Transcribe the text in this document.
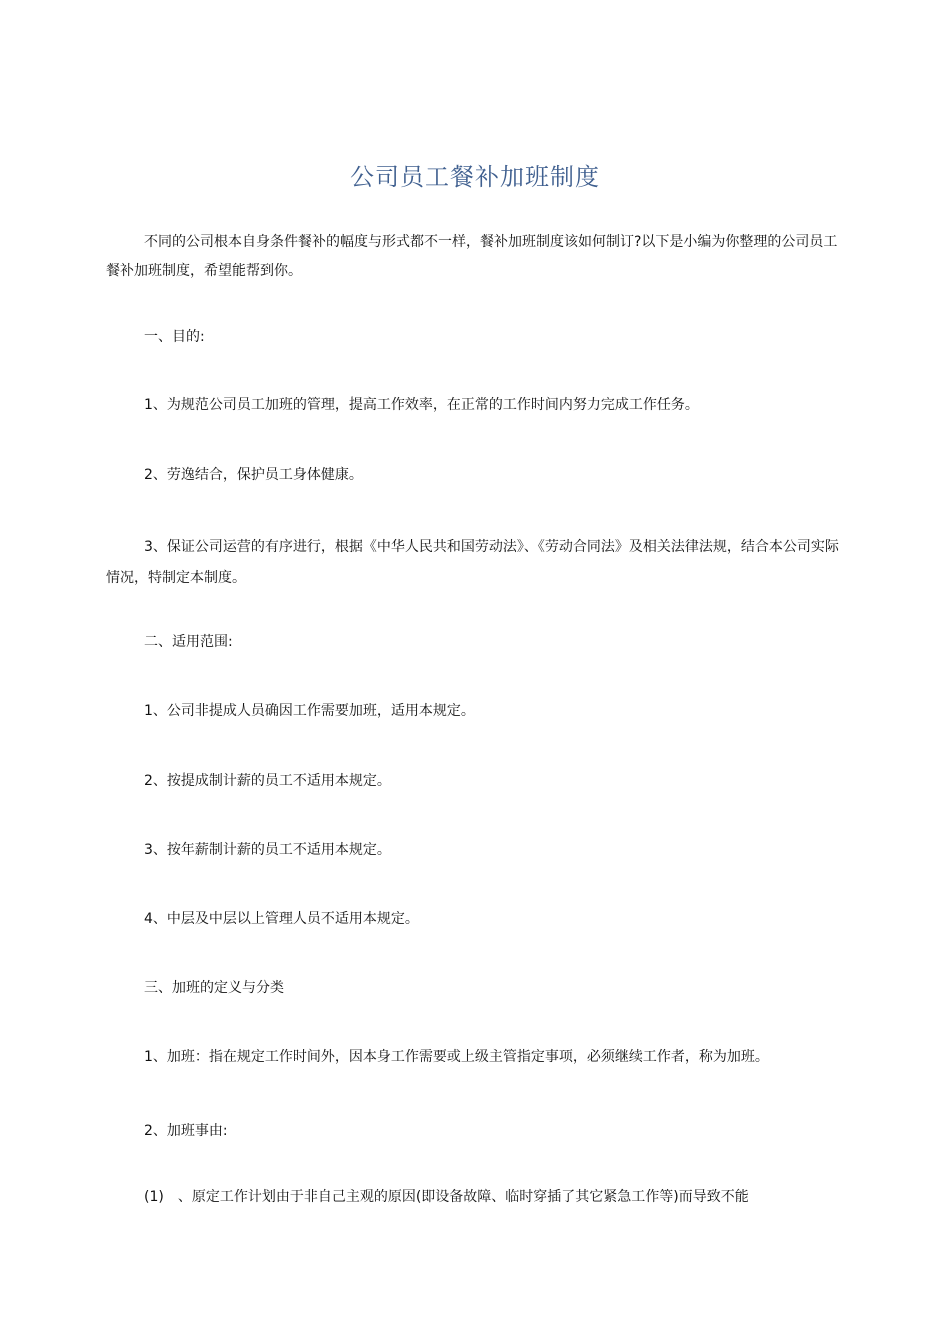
公司员工餐补加班制度
不同的公司根本自身条件餐补的幅度与形式都不一样，餐补加班制度该如何制订?以下是小编为你整理的公司员工餐补加班制度，希望能帮到你。
一、目的:
1、为规范公司员工加班的管理，提高工作效率，在正常的工作时间内努力完成工作任务。
2、劳逸结合，保护员工身体健康。
3、保证公司运营的有序进行，根据《中华人民共和国劳动法》、《劳动合同法》及相关法律法规，结合本公司实际情况，特制定本制度。
二、适用范围:
1、公司非提成人员确因工作需要加班，适用本规定。
2、按提成制计薪的员工不适用本规定。
3、按年薪制计薪的员工不适用本规定。
4、中层及中层以上管理人员不适用本规定。
三、加班的定义与分类
1、加班：指在规定工作时间外，因本身工作需要或上级主管指定事项，必须继续工作者，称为加班。
2、加班事由:
(1)　、原定工作计划由于非自己主观的原因(即设备故障、临时穿插了其它紧急工作等)而导致不能
